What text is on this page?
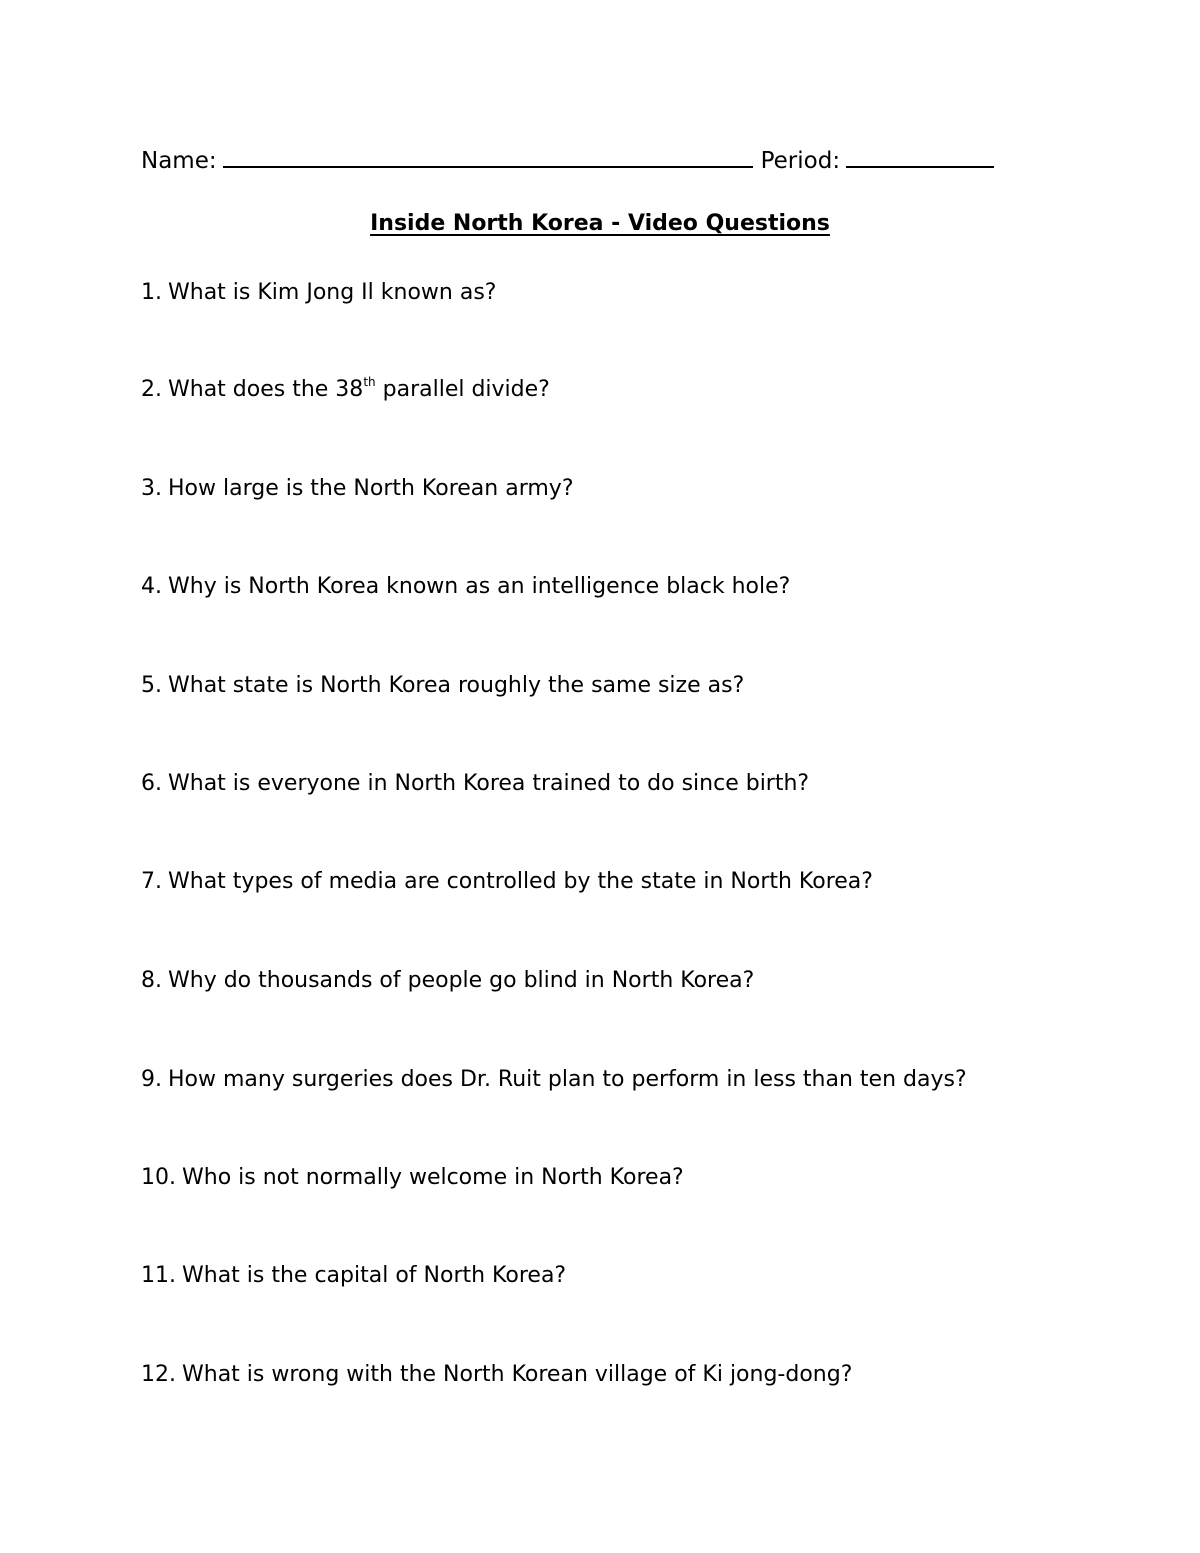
Name:	Period:
Inside North Korea - Video Questions
1. What is Kim Jong Il known as?
2. What does the 38th parallel divide?
3. How large is the North Korean army?
4. Why is North Korea known as an intelligence black hole?
5. What state is North Korea roughly the same size as?
6. What is everyone in North Korea trained to do since birth?
7. What types of media are controlled by the state in North Korea?
8. Why do thousands of people go blind in North Korea?
9. How many surgeries does Dr. Ruit plan to perform in less than ten days?
10. Who is not normally welcome in North Korea?
11. What is the capital of North Korea?
12. What is wrong with the North Korean village of Ki jong-dong?
